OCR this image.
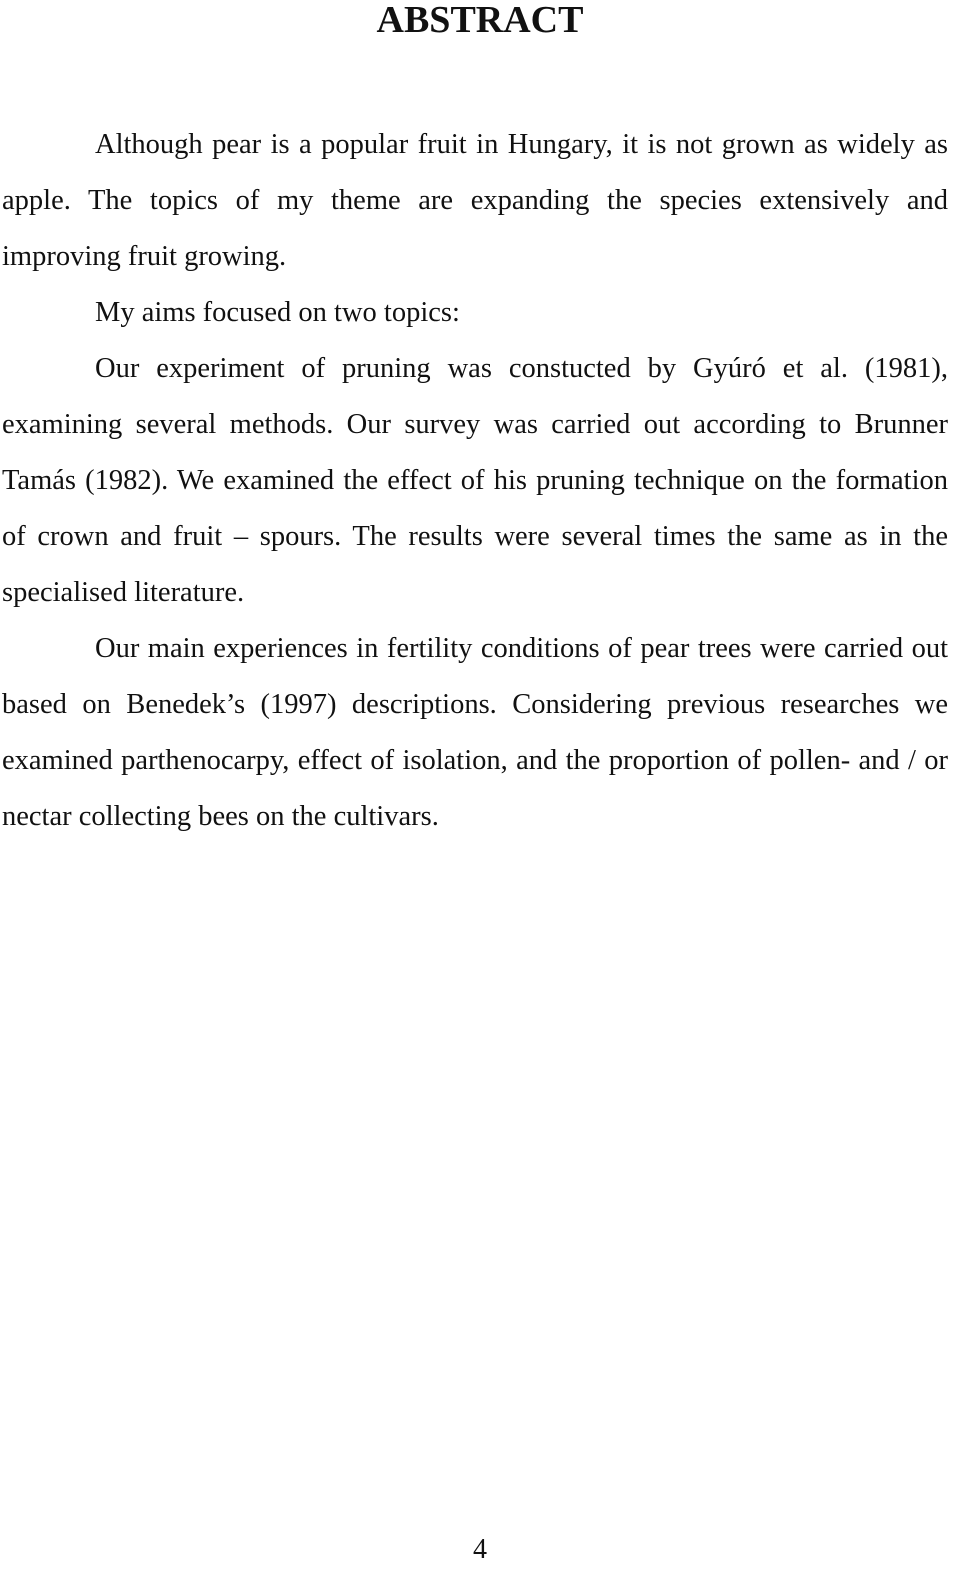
ABSTRACT

Although pear is a popular fruit in Hungary, it is not grown as widely as apple. The topics of my theme are expanding the species extensively and improving fruit growing.

My aims focused on two topics:

Our experiment of pruning was constucted by Gyúró et al. (1981), examining several methods. Our survey was carried out according to Brunner Tamás (1982). We examined the effect of his pruning technique on the formation of crown and fruit – spours. The results were several times the same as in the specialised literature.

Our main experiences in fertility conditions of pear trees were carried out based on Benedek’s (1997) descriptions. Considering previous researches we examined parthenocarpy, effect of isolation, and the proportion of pollen- and / or nectar collecting bees on the cultivars.

4
